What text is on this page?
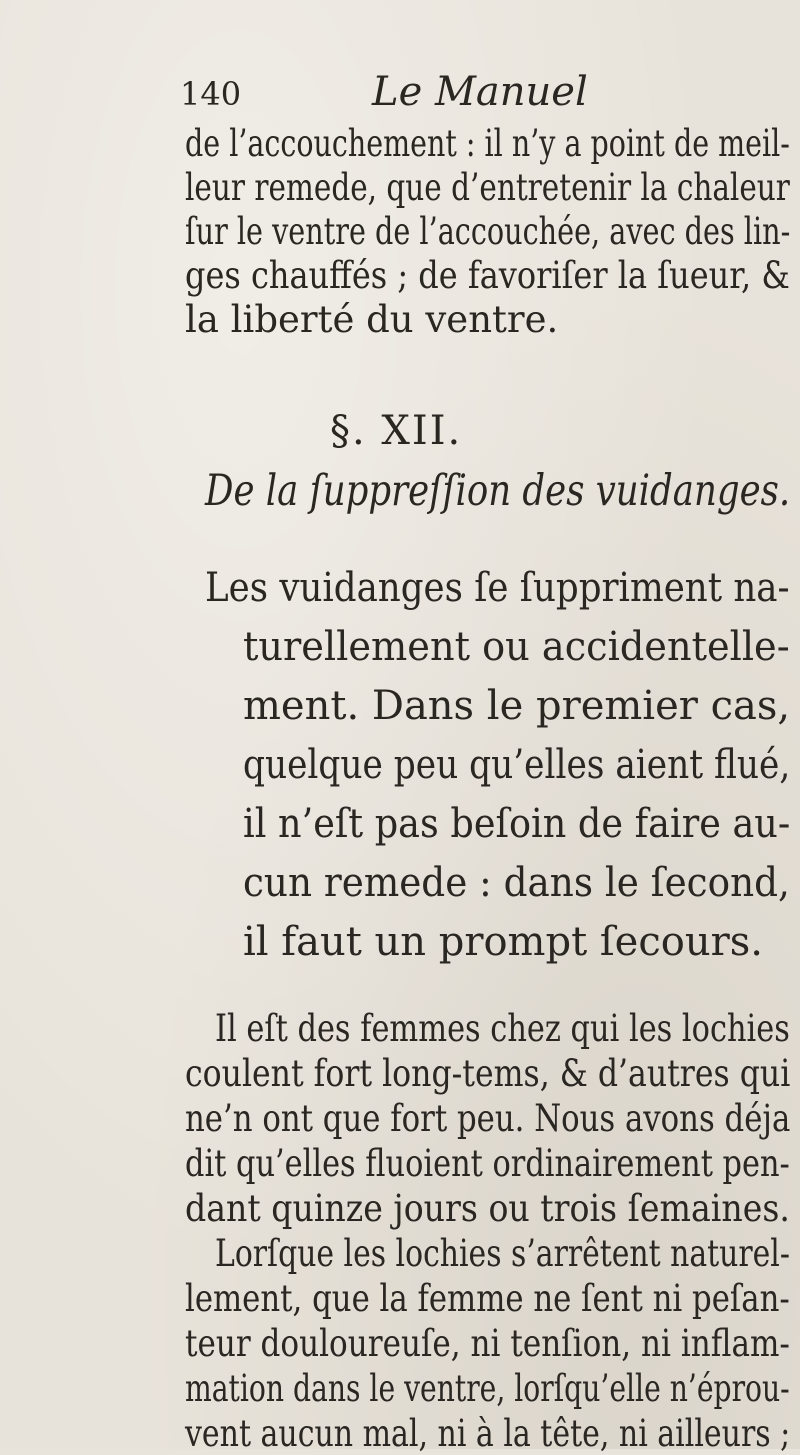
140	Le Manuel
de l’accouchement : il n’y a point de meil-
leur remede, que d’entretenir la chaleur
ſur le ventre de l’accouchée, avec des lin-
ges chauffés ; de favoriſer la ſueur, &
la liberté du ventre.
§. XII.
De la ſuppreſſion des vuidanges.
Les vuidanges ſe ſuppriment na-
turellement ou accidentelle-
ment. Dans le premier cas,
quelque peu qu’elles aient flué,
il n’eſt pas beſoin de faire au-
cun remede : dans le ſecond,
il faut un prompt ſecours.
Il eſt des femmes chez qui les lochies
coulent fort long-tems, & d’autres qui
ne’n ont que fort peu. Nous avons déja
dit qu’elles fluoient ordinairement pen-
dant quinze jours ou trois ſemaines.
Lorſque les lochies s’arrêtent naturel-
lement, que la femme ne ſent ni peſan-
teur douloureuſe, ni tenſion, ni inflam-
mation dans le ventre, lorſqu’elle n’éprou-
vent aucun mal, ni à la tête, ni ailleurs ;
